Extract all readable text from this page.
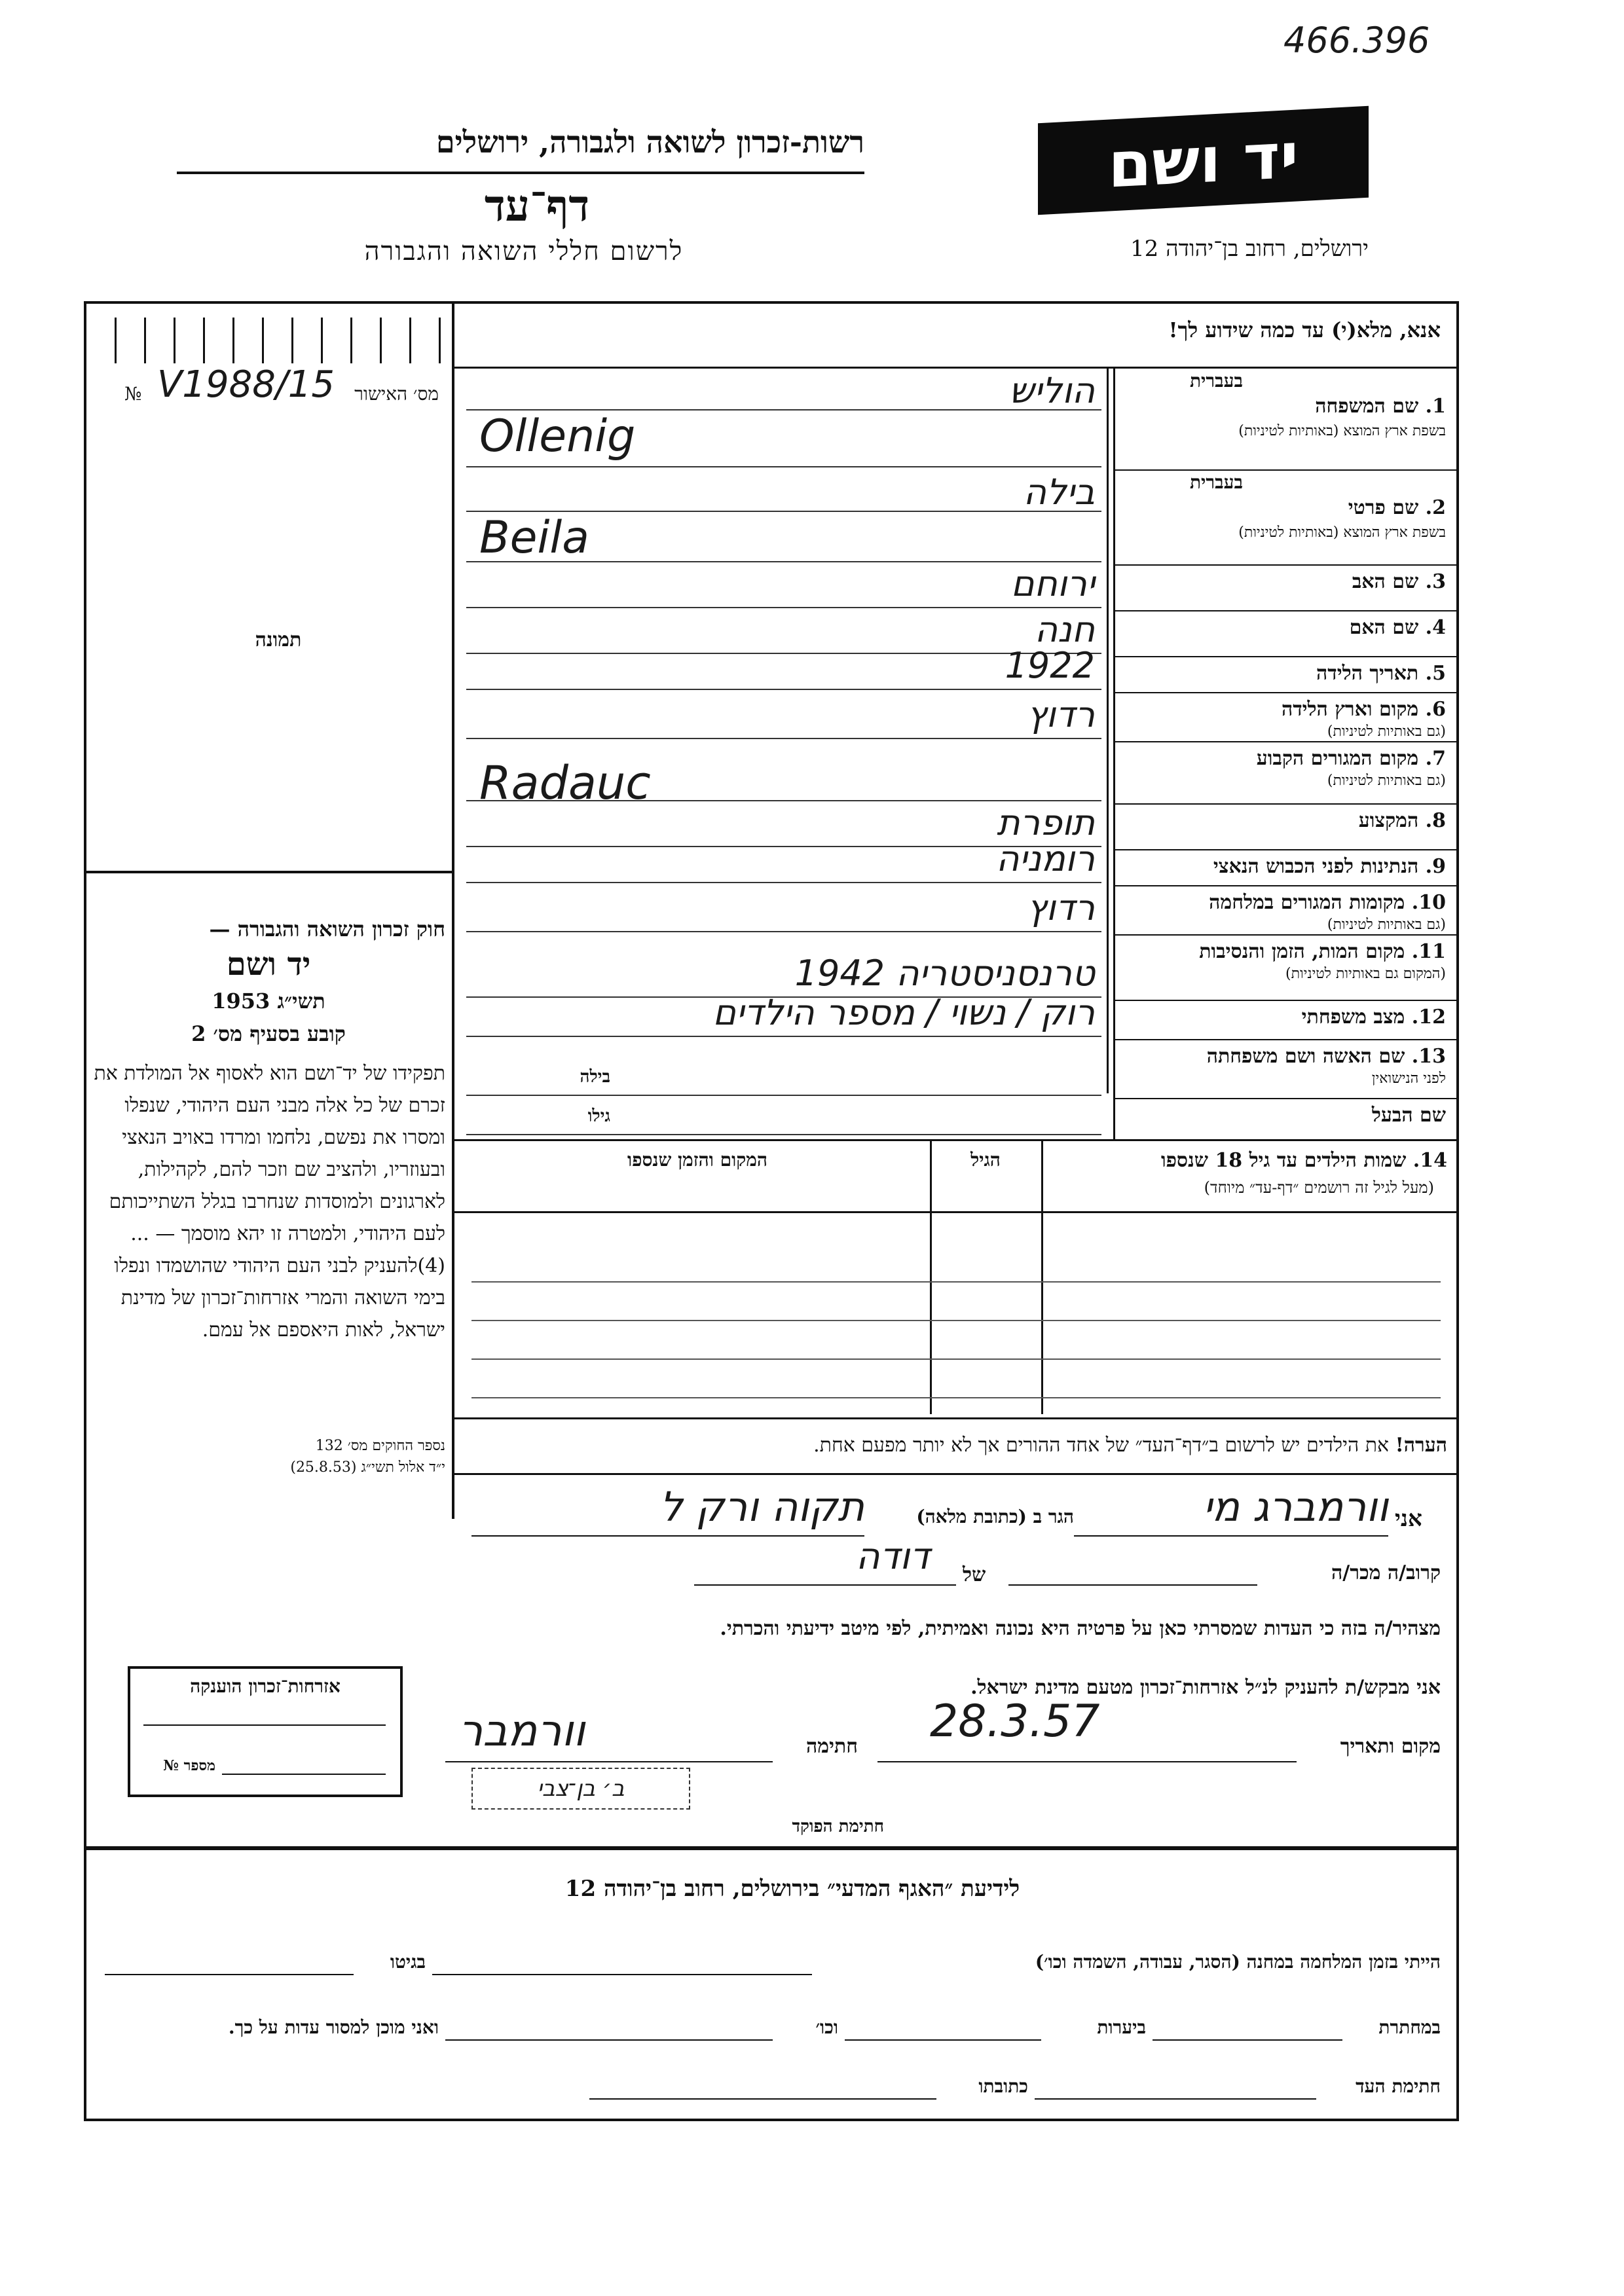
466.396
יד ושם
רשות-זכרון לשואה ולגבורה, ירושלים
דף־עד
לרשום חללי השואה והגבורה	ירושלים, רחוב בן־יהודה 12
מס׳ האישור
№ V1988/15
תמונה
חוק זכרון השואה והגבורה —
יד ושם
תשי״ג 1953
קובע בסעיף מס׳ 2
תפקידו של יד־ושם הוא לאסוף אל המולדת את זכרם של כל אלה מבני העם היהודי, שנפלו ומסרו את נפשם, נלחמו ומרדו באויב הנאצי ובעוזריו, ולהציב שם וזכר להם, לקהילות, לארגונים ולמוסדות שנחרבו בגלל השתייכותם לעם היהודי, ולמטרה זו יהא מוסמך — ...(4)להעניק לבני העם היהודי שהושמדו ונפלו בימי השואה והמרי אזרחות־זכרון של מדינת ישראל, לאות היאספם אל עמם.
נספר החוקים מס׳ 132
י״ד אלול תשי״ג (25.8.53)
אנא, מלא(י) עד כמה שידוע לך!
1. שם המשפחה
בעברית
בשפת ארץ המוצא (באותיות לטיניות)
הוליש
Ollenig
2. שם פרטי
בעברית
בשפת ארץ המוצא (באותיות לטיניות)
בילה
Beila
3. שם האב
ירוחם
4. שם האם
חנה
5. תאריך הלידה
1922
6. מקום וארץ הלידה
(גם באותיות לטיניות)
רדוץ
7. מקום המגורים הקבוע
(גם באותיות לטיניות)
Radauc
8. המקצוע
תופרת
9. הנתינות לפני הכבוש הנאצי
רומניה
10. מקומות המגורים במלחמה
(גם באותיות לטיניות)
רדוץ
11. מקום המות, הזמן והנסיבות
(המקום גם באותיות לטיניות)
טרנסניסטריה 1942
12. מצב משפחתי
רוק / נשוי / מספר הילדים
13. שם האשה ושם משפחתה
לפני הנישואין
בילה
שם הבעל
גילו
14. שמות הילדים עד גיל 18 שנספו
(מעל לגיל זה רושמים ״דף-עד״ מיוחד)
הגיל
המקום והזמן שנספו
הערה! את הילדים יש לרשום ב״דף־העד״ של אחד ההורים אך לא יותר מפעם אחת.
אני
וורמברג מי
הגר ב (כתובת מלאה)
תקוה ורק ל
קרוב/ה מכר/ה
של
דודה
מצהיר/ה בזה כי העדות שמסרתי כאן על פרטיה היא נכונה ואמיתית, לפי מיטב ידיעתי והכרתי.
אני מבקש/ת להעניק לנ״ל אזרחות־זכרון מטעם מדינת ישראל.
מקום ותאריך
28.3.57
חתימה
וורמבר
ב׳ בן־צבי
חתימת הפוקד
אזרחות־זכרון הוענקה
מספר №
לידיעת ״האגף המדעי״ בירושלים, רחוב בן־יהודה 12
הייתי בזמן המלחמה במחנה (הסגר, עבודה, השמדה וכו׳)
בגיטו
במחתרת
ביערות
וכו׳
ואני מוכן למסור עדות על כך.
חתימת העד
כתובתו
